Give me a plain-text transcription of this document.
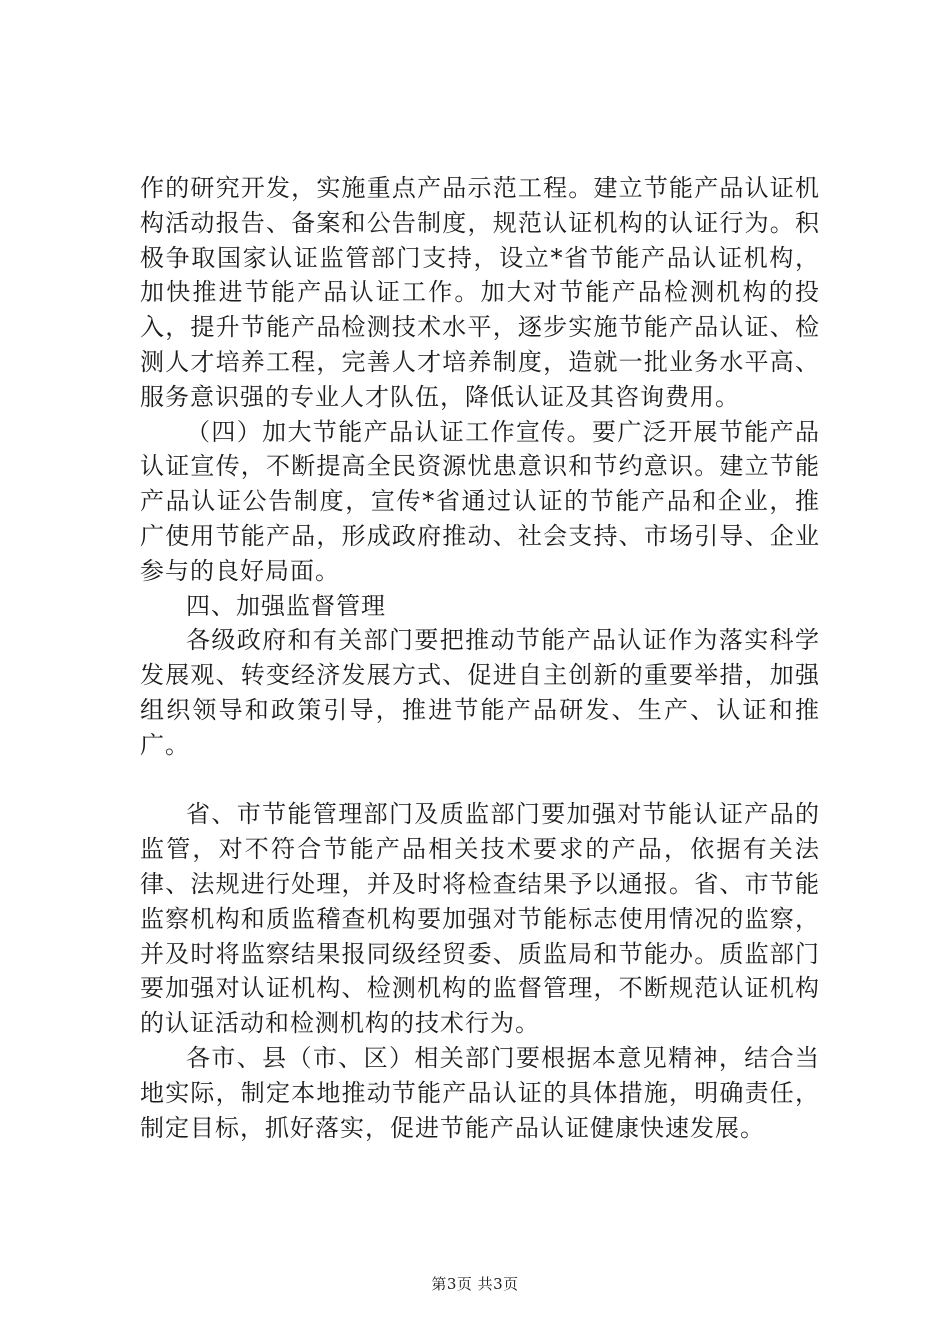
作的研究开发，实施重点产品示范工程。建立节能产品认证机构活动报告、备案和公告制度，规范认证机构的认证行为。积极争取国家认证监管部门支持，设立*省节能产品认证机构，加快推进节能产品认证工作。加大对节能产品检测机构的投入，提升节能产品检测技术水平，逐步实施节能产品认证、检测人才培养工程，完善人才培养制度，造就一批业务水平高、服务意识强的专业人才队伍，降低认证及其咨询费用。

（四）加大节能产品认证工作宣传。要广泛开展节能产品认证宣传，不断提高全民资源忧患意识和节约意识。建立节能产品认证公告制度，宣传*省通过认证的节能产品和企业，推广使用节能产品，形成政府推动、社会支持、市场引导、企业参与的良好局面。

四、加强监督管理

各级政府和有关部门要把推动节能产品认证作为落实科学发展观、转变经济发展方式、促进自主创新的重要举措，加强组织领导和政策引导，推进节能产品研发、生产、认证和推广。

省、市节能管理部门及质监部门要加强对节能认证产品的监管，对不符合节能产品相关技术要求的产品，依据有关法律、法规进行处理，并及时将检查结果予以通报。省、市节能监察机构和质监稽查机构要加强对节能标志使用情况的监察，并及时将监察结果报同级经贸委、质监局和节能办。质监部门要加强对认证机构、检测机构的监督管理，不断规范认证机构的认证活动和检测机构的技术行为。

各市、县（市、区）相关部门要根据本意见精神，结合当地实际，制定本地推动节能产品认证的具体措施，明确责任，制定目标，抓好落实，促进节能产品认证健康快速发展。

第3页 共3页
